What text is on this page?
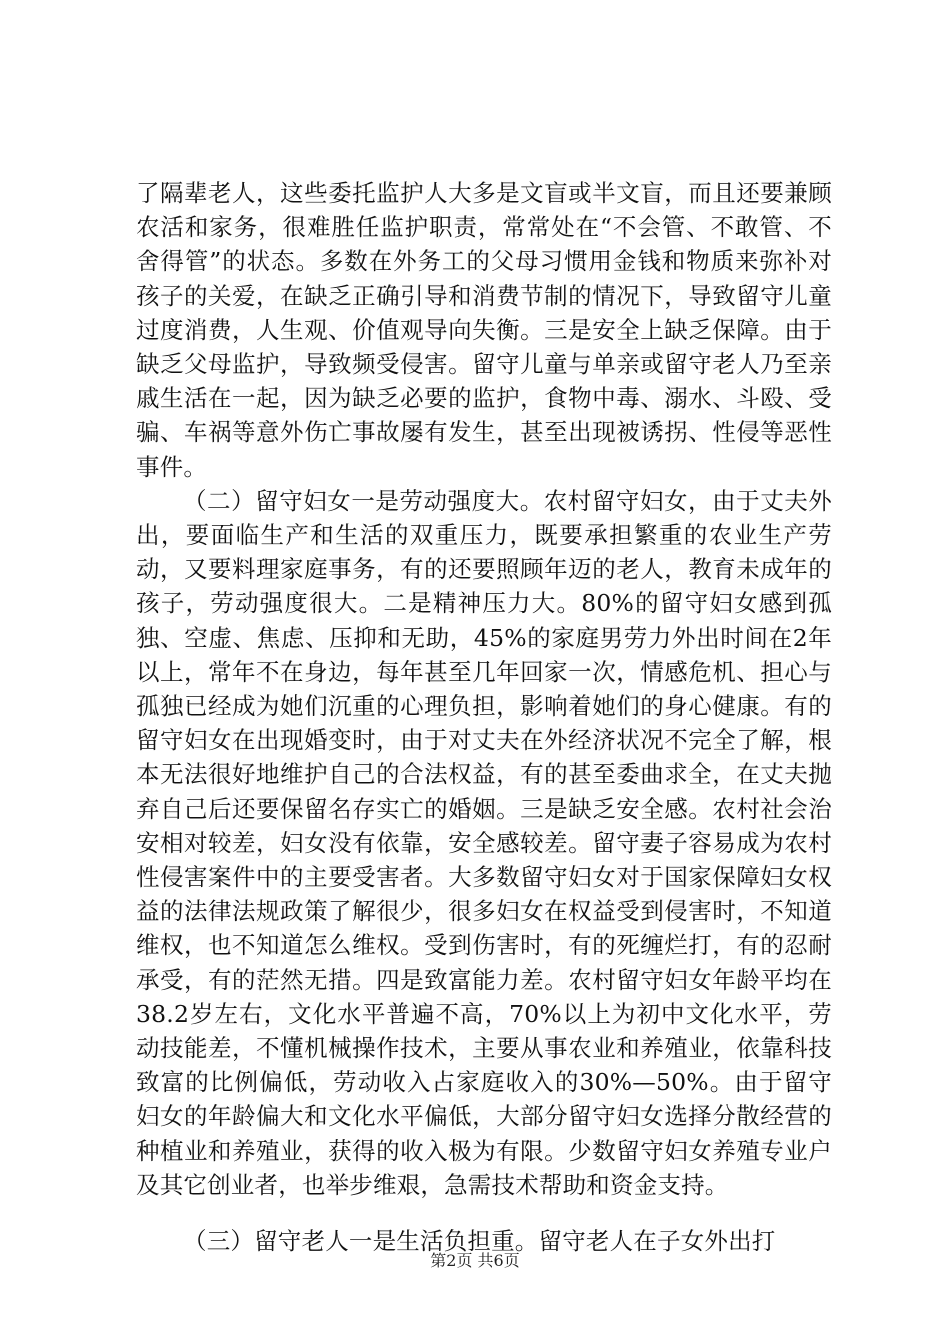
了隔辈老人，这些委托监护人大多是文盲或半文盲，而且还要兼顾农活和家务，很难胜任监护职责，常常处在“不会管、不敢管、不舍得管”的状态。多数在外务工的父母习惯用金钱和物质来弥补对孩子的关爱，在缺乏正确引导和消费节制的情况下，导致留守儿童过度消费，人生观、价值观导向失衡。三是安全上缺乏保障。由于缺乏父母监护，导致频受侵害。留守儿童与单亲或留守老人乃至亲戚生活在一起，因为缺乏必要的监护，食物中毒、溺水、斗殴、受骗、车祸等意外伤亡事故屡有发生，甚至出现被诱拐、性侵等恶性事件。

（二）留守妇女一是劳动强度大。农村留守妇女，由于丈夫外出，要面临生产和生活的双重压力，既要承担繁重的农业生产劳动，又要料理家庭事务，有的还要照顾年迈的老人，教育未成年的孩子，劳动强度很大。二是精神压力大。80%的留守妇女感到孤独、空虚、焦虑、压抑和无助，45%的家庭男劳力外出时间在2年以上，常年不在身边，每年甚至几年回家一次，情感危机、担心与孤独已经成为她们沉重的心理负担，影响着她们的身心健康。有的留守妇女在出现婚变时，由于对丈夫在外经济状况不完全了解，根本无法很好地维护自己的合法权益，有的甚至委曲求全，在丈夫抛弃自己后还要保留名存实亡的婚姻。三是缺乏安全感。农村社会治安相对较差，妇女没有依靠，安全感较差。留守妻子容易成为农村性侵害案件中的主要受害者。大多数留守妇女对于国家保障妇女权益的法律法规政策了解很少，很多妇女在权益受到侵害时，不知道维权，也不知道怎么维权。受到伤害时，有的死缠烂打，有的忍耐承受，有的茫然无措。四是致富能力差。农村留守妇女年龄平均在38.2岁左右，文化水平普遍不高，70%以上为初中文化水平，劳动技能差，不懂机械操作技术，主要从事农业和养殖业，依靠科技致富的比例偏低，劳动收入占家庭收入的30%—50%。由于留守妇女的年龄偏大和文化水平偏低，大部分留守妇女选择分散经营的种植业和养殖业，获得的收入极为有限。少数留守妇女养殖专业户及其它创业者，也举步维艰，急需技术帮助和资金支持。

（三）留守老人一是生活负担重。留守老人在子女外出打

第2页 共6页
